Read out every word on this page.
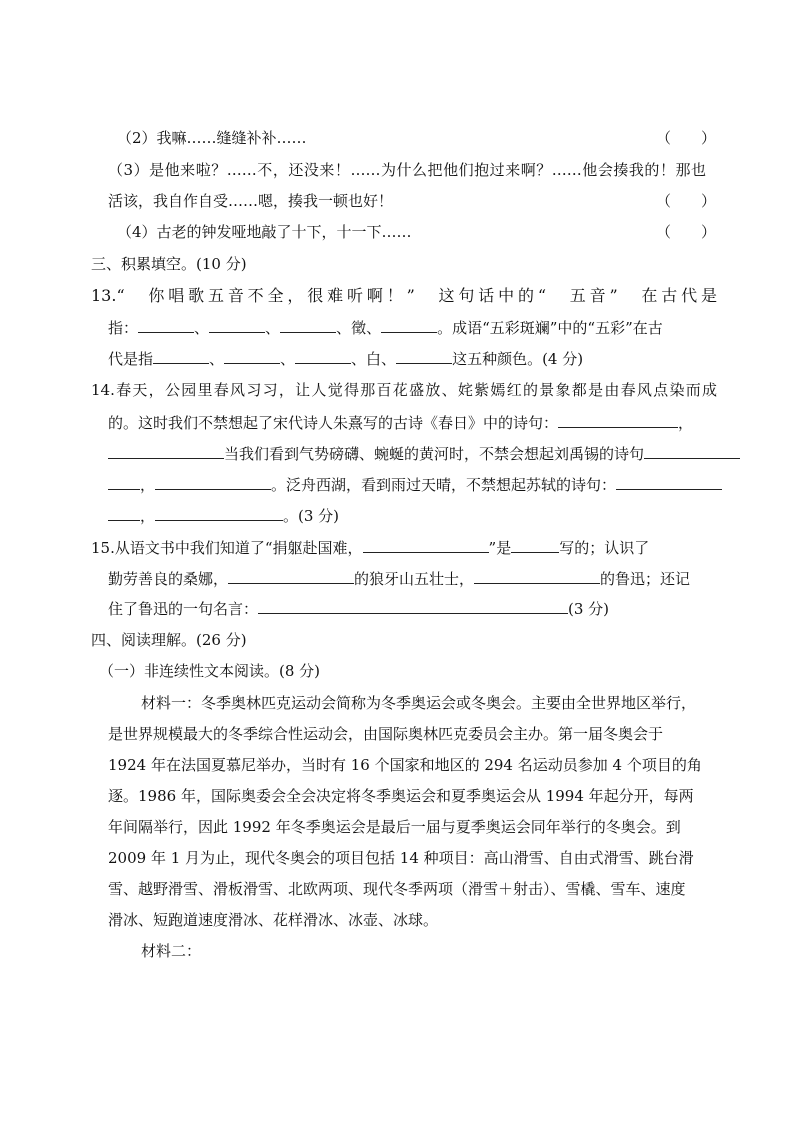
（2）我嘛……缝缝补补……	（　　）
（3）是他来啦？……不，还没来！……为什么把他们抱过来啊？……他会揍我的！那也
活该，我自作自受……嗯，揍我一顿也好！	（　　）
（4）古老的钟发哑地敲了十下，十一下……	（　　）
三、积累填空。(10 分)
13.“　你唱歌五音不全，很难听啊！”　这句话中的“　五音”　在古代是
指：	、	、	、徵、	。成语“五彩斑斓”中的“五彩”在古
代是指	、	、	、白、	这五种颜色。(4 分)
14.春天，公园里春风习习，让人觉得那百花盛放、姹紫嫣红的景象都是由春风点染而成
的。这时我们不禁想起了宋代诗人朱熹写的古诗《春日》中的诗句：	，
当我们看到气势磅礴、蜿蜒的黄河时，不禁会想起刘禹锡的诗句
，	。泛舟西湖，看到雨过天晴，不禁想起苏轼的诗句：
，	。(3 分)
15.从语文书中我们知道了“捐躯赴国难，	”是	写的；认识了
勤劳善良的桑娜，	的狼牙山五壮士，	的鲁迅；还记
住了鲁迅的一句名言：	(3 分)
四、阅读理解。(26 分)
（一）非连续性文本阅读。(8 分)
材料一：冬季奥林匹克运动会简称为冬季奥运会或冬奥会。主要由全世界地区举行，
是世界规模最大的冬季综合性运动会，由国际奥林匹克委员会主办。第一届冬奥会于
1924 年在法国夏慕尼举办，当时有 16 个国家和地区的 294 名运动员参加 4 个项目的角
逐。1986 年，国际奥委会全会决定将冬季奥运会和夏季奥运会从 1994 年起分开，每两
年间隔举行，因此 1992 年冬季奥运会是最后一届与夏季奥运会同年举行的冬奥会。到
2009 年 1 月为止，现代冬奥会的项目包括 14 种项目：高山滑雪、自由式滑雪、跳台滑
雪、越野滑雪、滑板滑雪、北欧两项、现代冬季两项（滑雪＋射击）、雪橇、雪车、速度
滑冰、短跑道速度滑冰、花样滑冰、冰壶、冰球。
材料二：
